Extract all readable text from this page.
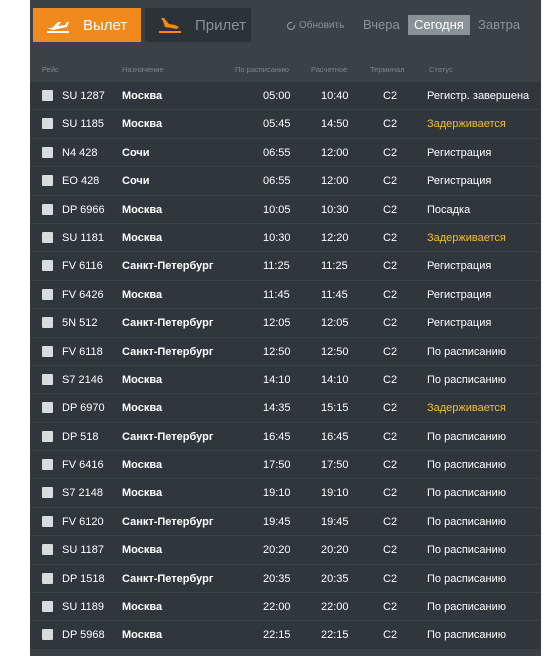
Вылет	Прилет	Обновить Вчера	Сегодня	Завтра
Рейс	Назначение	По расписанию	Расчетное	Терминал	Статус
SU 1287 Москва	05:00	10:40	C2	Регистр. завершена
SU 1185 Москва	05:45	14:50	C2	Задерживается
N4 428 Сочи	06:55	12:00	C2	Регистрация
EO 428 Сочи	06:55	12:00	C2	Регистрация
DP 6966 Москва	10:05	10:30	C2	Посадка
SU 1181 Москва	10:30	12:20	C2	Задерживается
FV 6116 Санкт-Петербург	11:25	11:25	C2	Регистрация
FV 6426 Москва	11:45	11:45	C2	Регистрация
5N 512 Санкт-Петербург	12:05	12:05	C2	Регистрация
FV 6118 Санкт-Петербург	12:50	12:50	C2	По расписанию
S7 2146 Москва	14:10	14:10	C2	По расписанию
DP 6970 Москва	14:35	15:15	C2	Задерживается
DP 518 Санкт-Петербург	16:45	16:45	C2	По расписанию
FV 6416 Москва	17:50	17:50	C2	По расписанию
S7 2148 Москва	19:10	19:10	C2	По расписанию
FV 6120 Санкт-Петербург	19:45	19:45	C2	По расписанию
SU 1187 Москва	20:20	20:20	C2	По расписанию
DP 1518 Санкт-Петербург	20:35	20:35	C2	По расписанию
SU 1189 Москва	22:00	22:00	C2	По расписанию
DP 5968 Москва	22:15	22:15	C2	По расписанию
